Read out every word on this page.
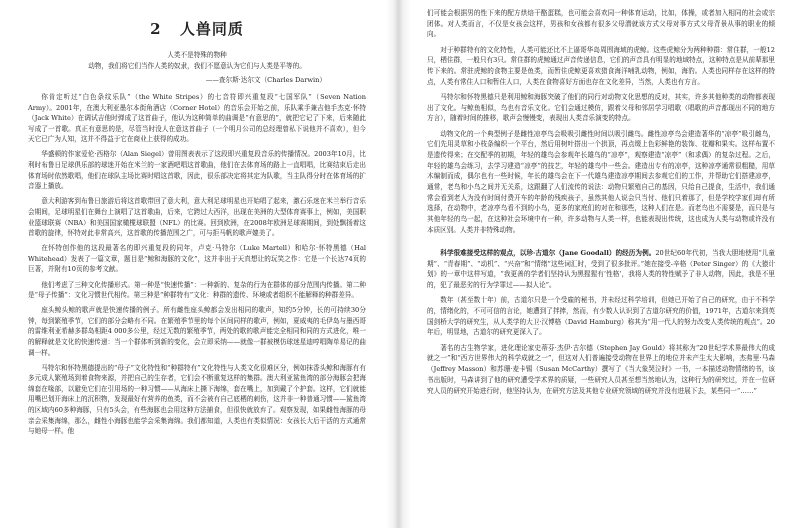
2 人兽同质
人类不是特殊的物种
动物，我们将它们当作人类的奴隶，我们不愿意认为它们与人类是平等的。
——查尔斯·达尔文（Charles Darwin）

你肯定听过“白色条纹乐队”（the White Stripes）的七音符即兴重复段“七国军队”（Seven Nation Army）。2001年，在澳大利亚墨尔本街角酒店（Corner Hotel）的音乐会开始之前，乐队乘手兼吉他手杰克·怀特（Jack White）在调试吉他时弹成了这首曲子，他认为这种简单的曲调是“有意思的”，就把它记了下来，后来随此写成了一首歌。真正有意思的是，尽管当时没人在意这首曲子（一个明月公司的总经理曾私下说他并不喜欢），但今天它已广为人知，这并不得益于它在商业上获得的成功。

华盛顿的作家爱伦·西格尔（Alan Siegel）曾用图表表示了这段即兴重复段音乐的传播情况。2003年10月，比利时布鲁日足球俱乐部的球迷开始在米兰的一家酒吧唱这首歌曲，他们在去体育场的路上一直唱唱，比赛结束后走出体育场时依然歌唱，他们在球队主场比赛时唱这首歌，因此，很乐部决定将其定为队歌，当主队得分时在体育场的扩音器上播放。

意大利游客到布鲁日旅游后将这首歌带回了意大利，意大利足球明星也开始唱了起来，激石乐迷在米兰举行音乐会期间，足球明星们在舞台上演唱了这首歌曲，后来，它跨过大西洋，出现在美洲的大型体育赛事上，例如，美国职业篮球联赛（NBA）和美国国家橄榄球联盟（NFL）的比赛。回到欧洲，在2008年欧洲足球赛期间，到处飘扬着这首歌的旋律，怀特对此非常高兴，这首歌的传播范围之广，可与拒马帆的歌声媲美了。

在怀特创作他的这段最著名的即兴重复段的同年，卢克·马特尔（Luke Martell）和哈尔·怀特黑德（Hal Whitehead）发表了一篇文章，题目是“鲸和海豚的文化”，这并非出于天真想让的玩笑之作：它是一个长达74页的巨著，并附有10页的参考文献。

他们考虑了三种文化传播形式。第一种是“快速传播”：一种新的、复杂的行为在群体的部分范围内传播。第二种是“母子传播”：文化习惯世代相传。第三种是“种群特有”文化：种群的遗传、环境或者组织不能解释的种群差异。

座头鲸头鲸的歌声就是快速传播的例子。所有雌性座头鲸都会发出相同的歌声，知约5分钟，长的可持续30分钟，每到繁殖季节，它们的部分会略有不同。在繁殖季节里的每个区间同样的歌声，例如，夏威夷的毛伊岛与墨西哥的雷维利亚希赫多群岛相距4 000多公里，经过无数的繁殖季节，两处的歌的歌声能完全相同和同的方式进化，唯一的解释就是文化的快速传递：当一个群体听到新的变化，会立即采纳——就像一群被模仿球迷星迪哼唱陶单易记的曲调一样。

马特尔和怀特黑德提出的“母子”文化特性和“种群特有”文化特性与人类文化很难区分，例如抹香头鲸和海豚有有多元成人繁殖场到着食物来源，并把自己的生存者，它们会不断重复这样的集群。澳大利亚鲨鱼湾的部分海豚会把海绵套在喙部，以避免它们在引用场的一种习惯——从海床上撕下海绵，套在嘴上，加到戴了个护套。这样，它们就能用嘴巴划开海床上的沉积物，发现最好有营养的鱼类，而不会被有自己底栖的刺伤，这并非一种普通习惯——鲨鱼湾的区域内60多种海豚，只有5头会，有些海豚也会用这种方法捕食，但很快就放弃了。观察发现，如果雌性海豚的母亲会采集海绵，那么，雌性小海豚也能学会采集海绵。我们都知道，人类也有类似情况：女孩长大后干活的方式通常与她母一样。他

们可能会根据男的性下来的配方烘焙干酪蛋糕，也可能会喜欢同一种体育运动，比如，体操，或者加入相同的社会或宗团体。对人类而言，不仅是女孩会这样，男孩和女孩都有很多父母潜就该方式父母对事方式父母背景从事的职业的倾向。

对于种群特有的文化特性，人类可能还比不上逼哥华岛周围海域的虎鲸。这些虎鲸分为两种种群：常住群，一般12只，栖住群，一般只有3只。常住群的虎鲸通过声音传递信息，它们的声音具有明显的地域特点，这种特点是从前辈那里传下来的。常驻虎鲸的食物主要是鱼类，而暂住虎鲸更喜欢猎食海洋哺乳动物，例如，海豹。人类也同样存在这样的特点，人类有常住人口和暂住人口，人类在食物喜好方面也存在文化差异，当然，人类也有方言。

马特尔和怀特黑德只是利用鲸和海豚突破了他们的同行对动物文化思想的反对，其实，许多其他种类的动物都表现出了文化。与鲸鱼相似，鸟也有音乐文化。它们会通过模仿，跟着父母和邻居学习唱歌（唱歌的声音都现出不同的地方方言），随着时间的推移，歌声会慢慢变，表现出人类音乐演变的特点。

动物文化的一个典型例子是雌性凉亭鸟会吸吸引雌性时间以吸引雌鸟。雌性凉亭鸟会建造著华的“凉亭”吸引雌鸟，它们先用灵草和小枝条编织一个平台，然后用树叶搭出一个拱顶，再点缀上色彩鲜艳的装饰、花瓣和果实。这样布置不是遗传得来；在交配季的初期，年轻的雄鸟会参观年长雄鸟的“凉亭”，观察建造“凉亭”（和求偶）的复杂过程。之后，年轻的雄鸟会练习，去学习建造“凉亭”的技艺，年轻的雄鸟中一些会。建造出专有的凉亭，这种凉亭通常很粗糙，用草木编制而成，偶尔也有一些时候，年长的雄鸟会在下一代雄鸟建造凉亭期间去参观它们的工作，并帮助它们搭建凉亭，通常，老鸟和小鸟之间并无关系，这跟翻了人们流传的说法：动物只繁殖自己的基因，只给自己提食，生活中，我们通常会看到老人为没有时间付费开车的年龄的残疾孩子，虽然其他人说会只当付、他们只着那了，但是学校学家们却有所选择，在动物中，老凉亭鸟看不到的小鸟，更多的家庭们的对在和那些，这种人们在是。而老鸟也不需要是，而只是与其他年轻的鸟一起，在这种社会环境中有一种，许多动物与人类一样，也能表现出传统，这也成为人类与动物或许没有本质区别。人类并非特殊动物。

科学很难接受这样的观点，以珍·古道尔（Jane Goodall）的经历为例。20世纪60年代初，当我大胆地使用“儿童期”、“青春期”、“动机”、“兴奋”和“情绪”这些词汇时，受到了很多批评。”她在接受-辛格（Peter Singer）的《大猿计划》的一章中这样写道，“我更善的学者们坚持认为黑猩猩有‘性格’，我将人类的特性赋予了非人动物，因此，我是不里的，犯了最恶劣的行为学罪过——拟人论”。

数年（甚至数十年）前，古道尔只是一个受雇的秘书，并未经过科学培训，但她已开始了自己的研究，由于不科学的，情绪化的，不可可信的言论，她遭到了拌捧，然而，有少数人认识到了古道尔研究的价值，1971年，古道尔来到英国剑桥大学的研究生，从人类学的大卫·汉博格（David Hamburg）称其为“用一代人的努力改变人类传统的观点”。20年后，明显地，古道尔的研究更深入了。

著名的古生物学家，进化理论家史蒂芬·杰伊·古尔德（Stephen Jay Gould）将其称为“20世纪学术界最伟大的成就之一”和“西方世界伟大的科学成就之一”，但这对人们普遍接受动物在世界上的地位并未产生太大影响，杰弗里·马森（Jeffrey Masson）和苏珊·麦卡锡（Susan McCarthy）撰写了《当大象哭泣时》一书，一本描述动物情绪的书，该书出版时，马森讲到了他的研究遭受学术界的质疑，一些研究人员甚至想当然地认为，这种行为的研究过，并在一位研究人员的研究开始进行时，他坚持认为，在研究方法及其他专业研究领域的研究并没有进展下去，某些同一“……”
